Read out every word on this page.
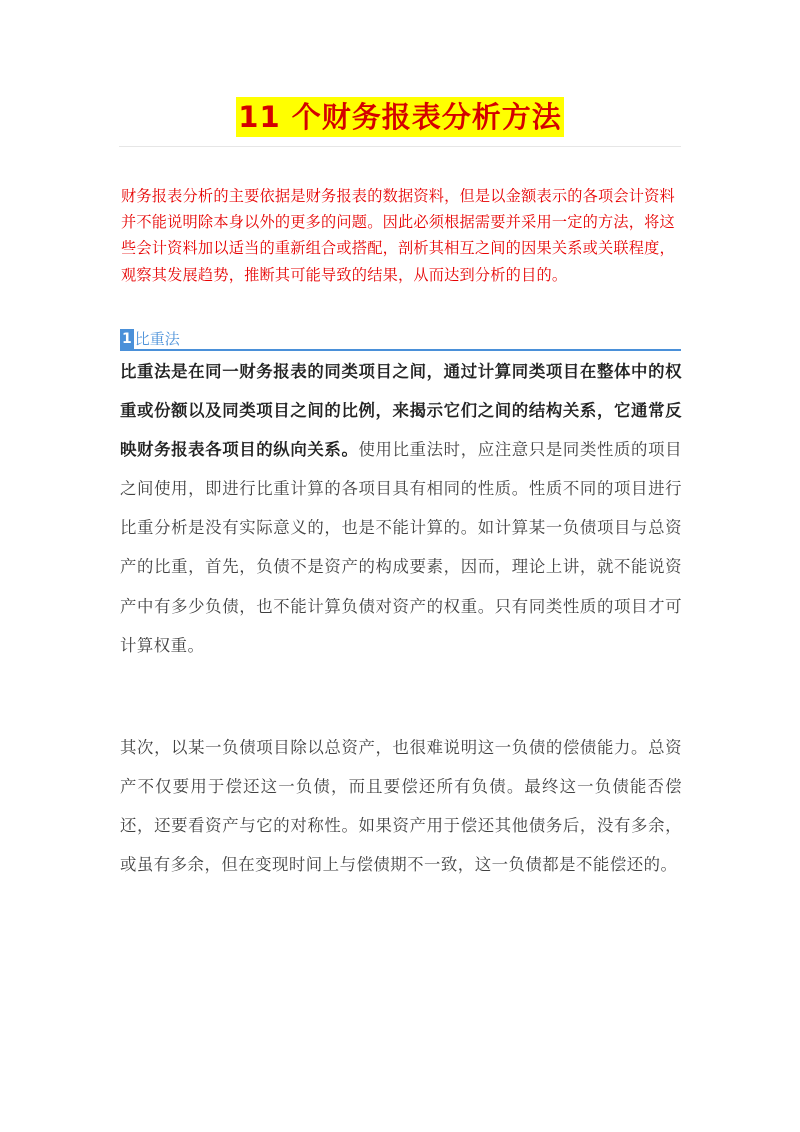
11 个财务报表分析方法

财务报表分析的主要依据是财务报表的数据资料，但是以金额表示的各项会计资料并不能说明除本身以外的更多的问题。因此必须根据需要并采用一定的方法，将这些会计资料加以适当的重新组合或搭配，剖析其相互之间的因果关系或关联程度，观察其发展趋势，推断其可能导致的结果，从而达到分析的目的。

1 比重法

比重法是在同一财务报表的同类项目之间，通过计算同类项目在整体中的权重或份额以及同类项目之间的比例，来揭示它们之间的结构关系，它通常反映财务报表各项目的纵向关系。使用比重法时，应注意只是同类性质的项目之间使用，即进行比重计算的各项目具有相同的性质。性质不同的项目进行比重分析是没有实际意义的，也是不能计算的。如计算某一负债项目与总资产的比重，首先，负债不是资产的构成要素，因而，理论上讲，就不能说资产中有多少负债，也不能计算负债对资产的权重。只有同类性质的项目才可计算权重。

其次，以某一负债项目除以总资产，也很难说明这一负债的偿债能力。总资产不仅要用于偿还这一负债，而且要偿还所有负债。最终这一负债能否偿还，还要看资产与它的对称性。如果资产用于偿还其他债务后，没有多余，或虽有多余，但在变现时间上与偿债期不一致，这一负债都是不能偿还的。
